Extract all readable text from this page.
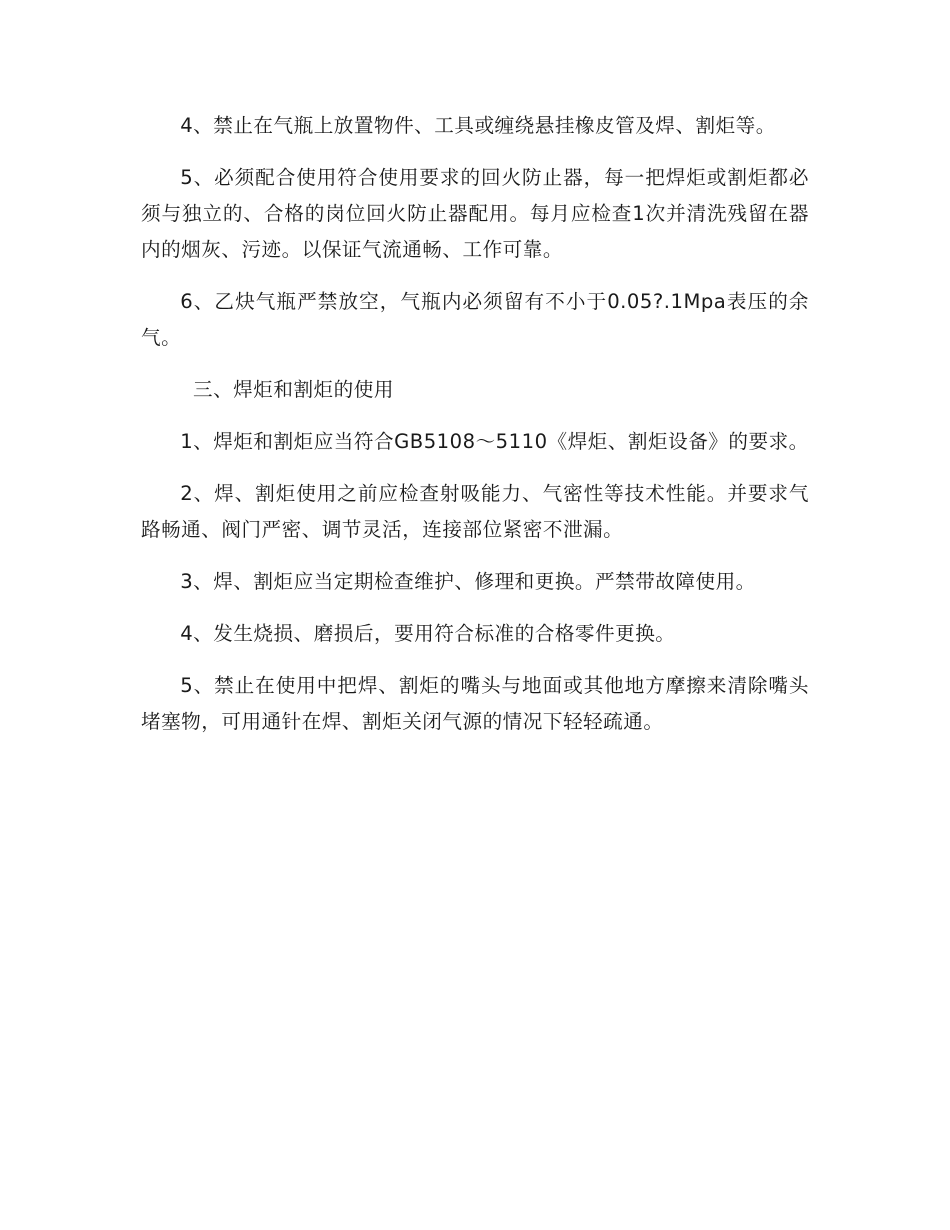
4、禁止在气瓶上放置物件、工具或缠绕悬挂橡皮管及焊、割炬等。

5、必须配合使用符合使用要求的回火防止器，每一把焊炬或割炬都必须与独立的、合格的岗位回火防止器配用。每月应检查1次并清洗残留在器内的烟灰、污迹。以保证气流通畅、工作可靠。

6、乙炔气瓶严禁放空，气瓶内必须留有不小于0.05?.1Mpa表压的余气。

三、焊炬和割炬的使用

1、焊炬和割炬应当符合GB5108～5110《焊炬、割炬设备》的要求。

2、焊、割炬使用之前应检查射吸能力、气密性等技术性能。并要求气路畅通、阀门严密、调节灵活，连接部位紧密不泄漏。

3、焊、割炬应当定期检查维护、修理和更换。严禁带故障使用。

4、发生烧损、磨损后，要用符合标准的合格零件更换。

5、禁止在使用中把焊、割炬的嘴头与地面或其他地方摩擦来清除嘴头堵塞物，可用通针在焊、割炬关闭气源的情况下轻轻疏通。
